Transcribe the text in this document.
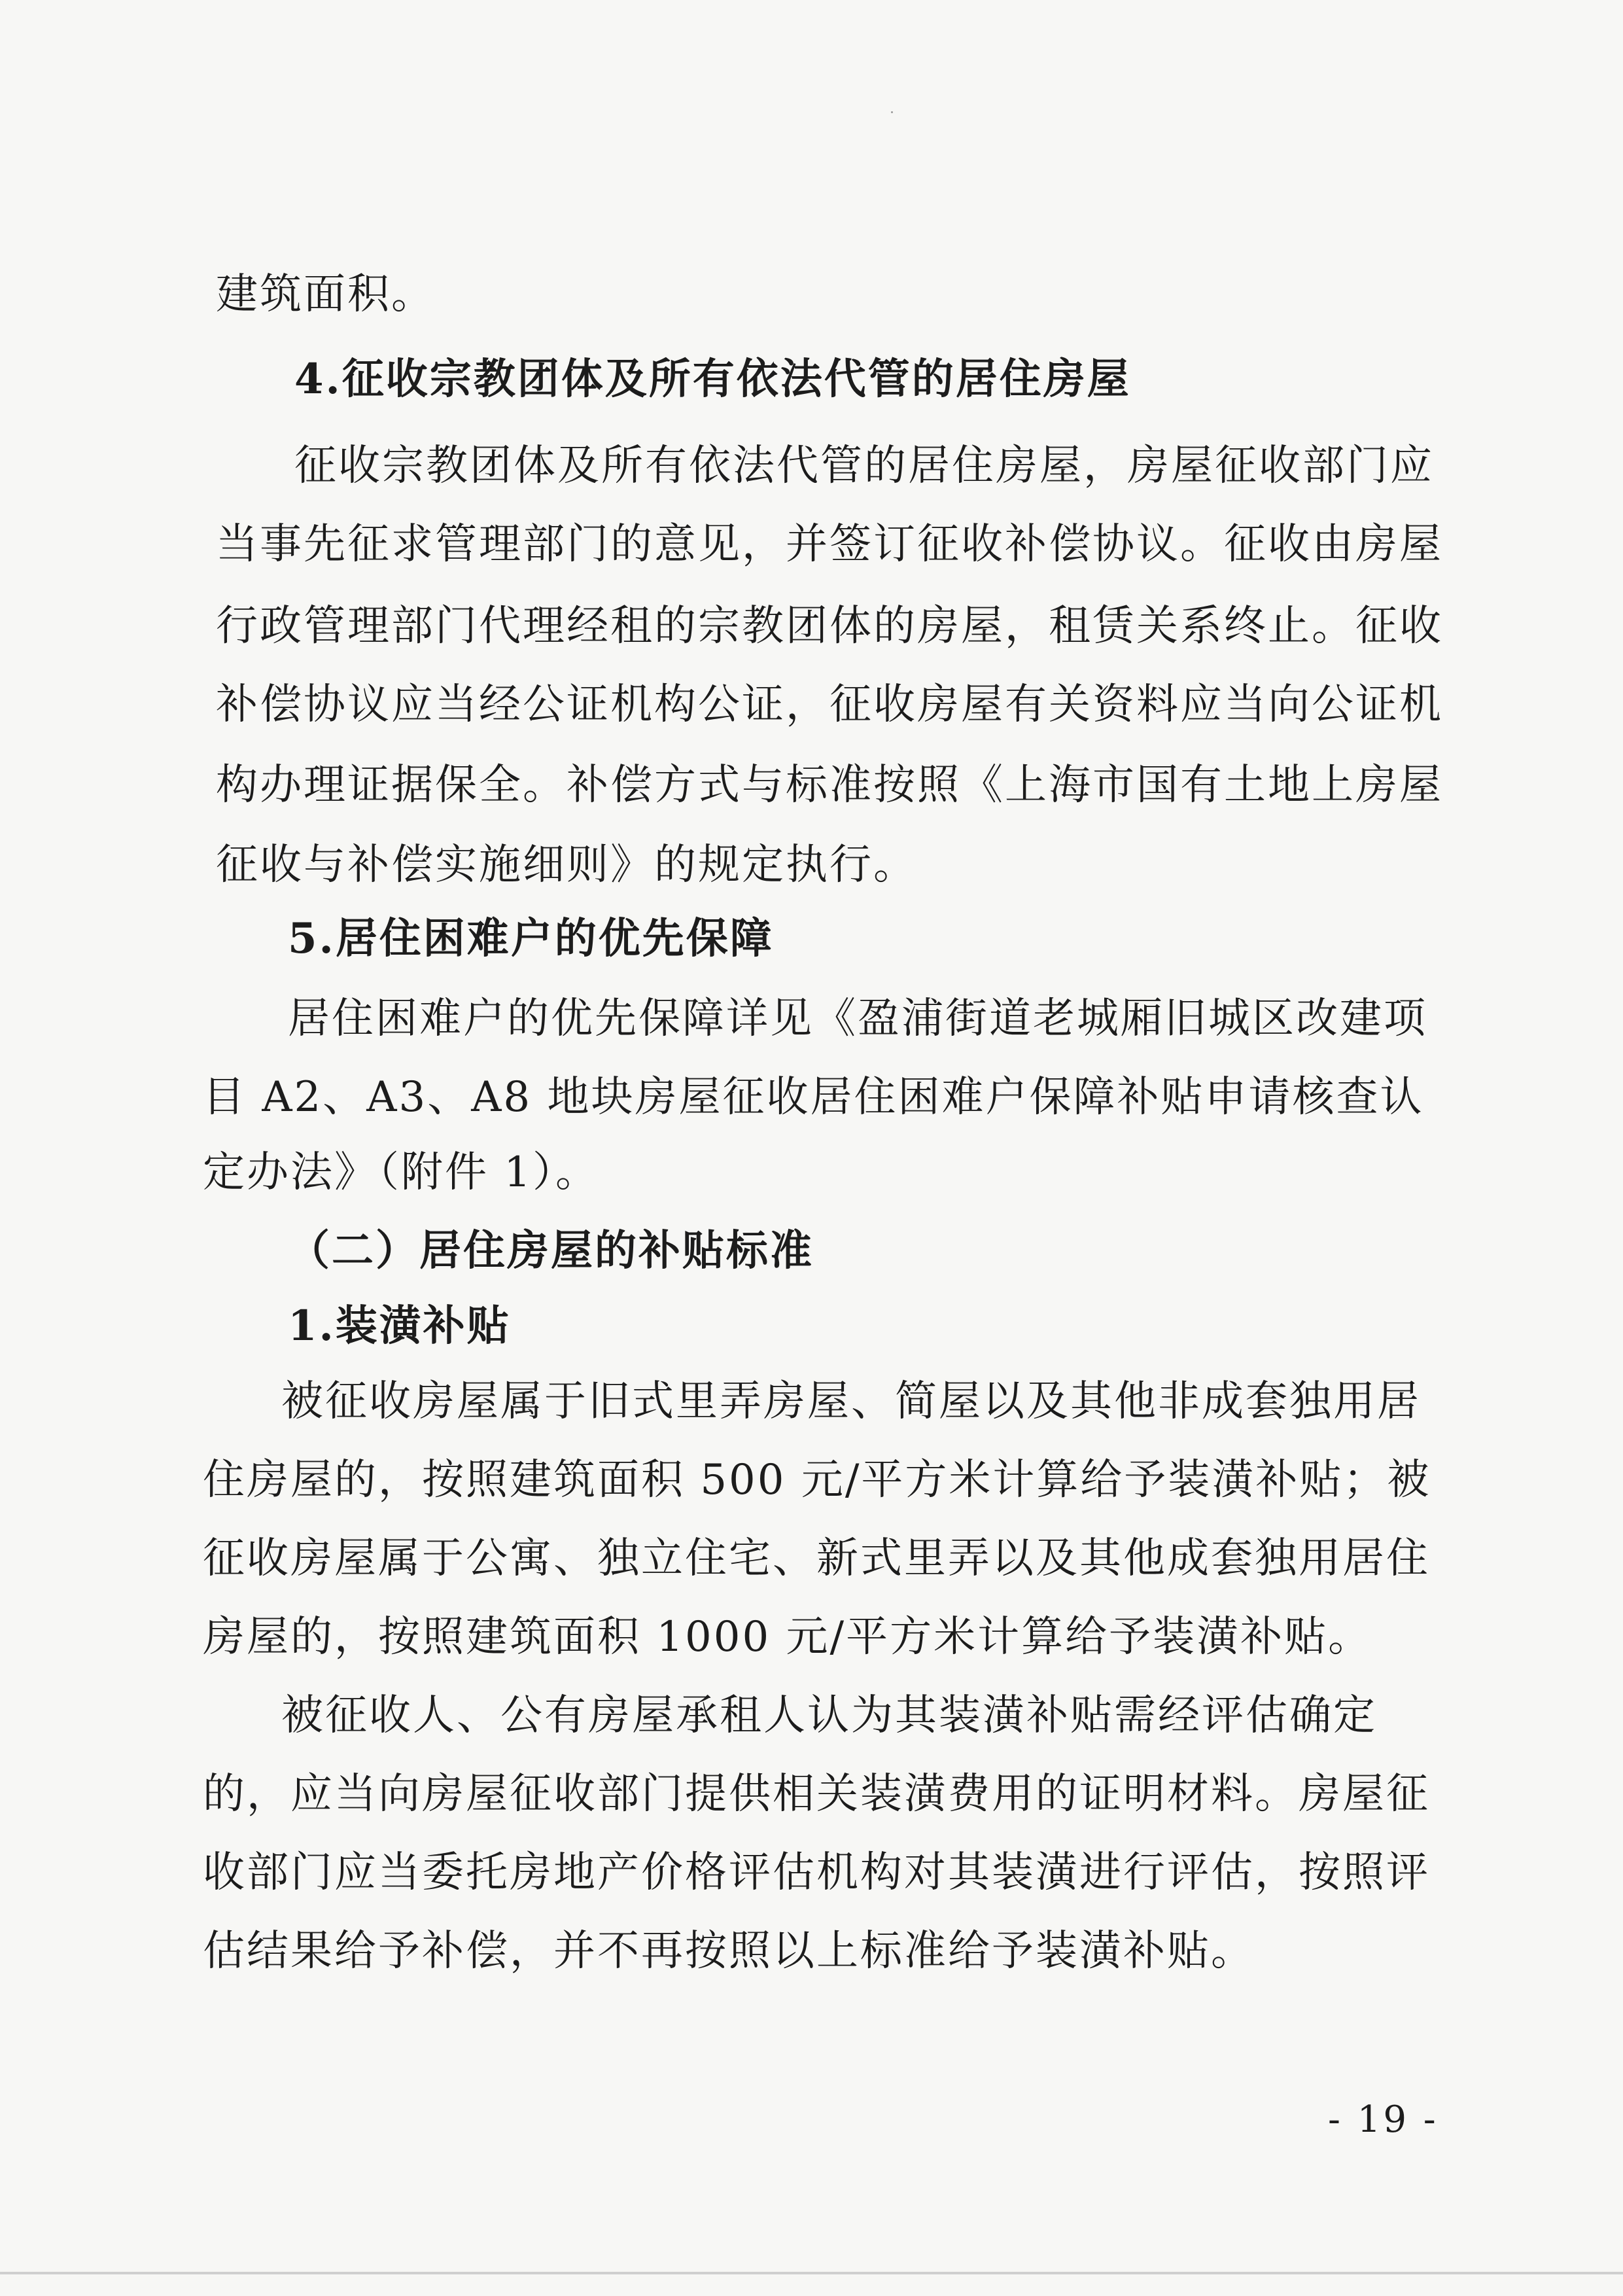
建筑面积。

4.征收宗教团体及所有依法代管的居住房屋

征收宗教团体及所有依法代管的居住房屋，房屋征收部门应

当事先征求管理部门的意见，并签订征收补偿协议。征收由房屋

行政管理部门代理经租的宗教团体的房屋，租赁关系终止。征收

补偿协议应当经公证机构公证，征收房屋有关资料应当向公证机

构办理证据保全。补偿方式与标准按照《上海市国有土地上房屋

征收与补偿实施细则》的规定执行。

5.居住困难户的优先保障

居住困难户的优先保障详见《盈浦街道老城厢旧城区改建项

目 A2、A3、A8 地块房屋征收居住困难户保障补贴申请核查认

定办法》（附件 1）。

（二）居住房屋的补贴标准

1.装潢补贴

被征收房屋属于旧式里弄房屋、简屋以及其他非成套独用居

住房屋的，按照建筑面积 500 元/平方米计算给予装潢补贴；被

征收房屋属于公寓、独立住宅、新式里弄以及其他成套独用居住

房屋的，按照建筑面积 1000 元/平方米计算给予装潢补贴。

被征收人、公有房屋承租人认为其装潢补贴需经评估确定

的，应当向房屋征收部门提供相关装潢费用的证明材料。房屋征

收部门应当委托房地产价格评估机构对其装潢进行评估，按照评

估结果给予补偿，并不再按照以上标准给予装潢补贴。

- 19 -
